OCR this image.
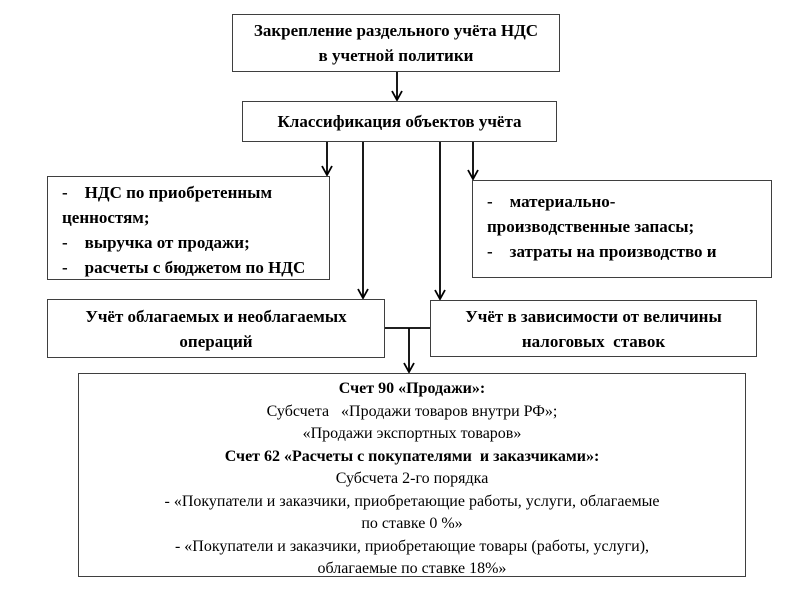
Закрепление раздельного учёта НДС
в учетной политики
Классификация объектов учёта
-    НДС по приобретенным
ценностям;
-    выручка от продажи;
-    расчеты с бюджетом по НДС
-    материально-
производственные запасы;
-    затраты на производство и
Учёт облагаемых и необлагаемых
операций
Учёт в зависимости от величины
налоговых  ставок
Счет 90 «Продажи»:
Субсчета   «Продажи товаров внутри РФ»;
«Продажи экспортных товаров»
Счет 62 «Расчеты с покупателями  и заказчиками»:
Субсчета 2-го порядка
- «Покупатели и заказчики, приобретающие работы, услуги, облагаемые
по ставке 0 %»
- «Покупатели и заказчики, приобретающие товары (работы, услуги),
облагаемые по ставке 18%»
